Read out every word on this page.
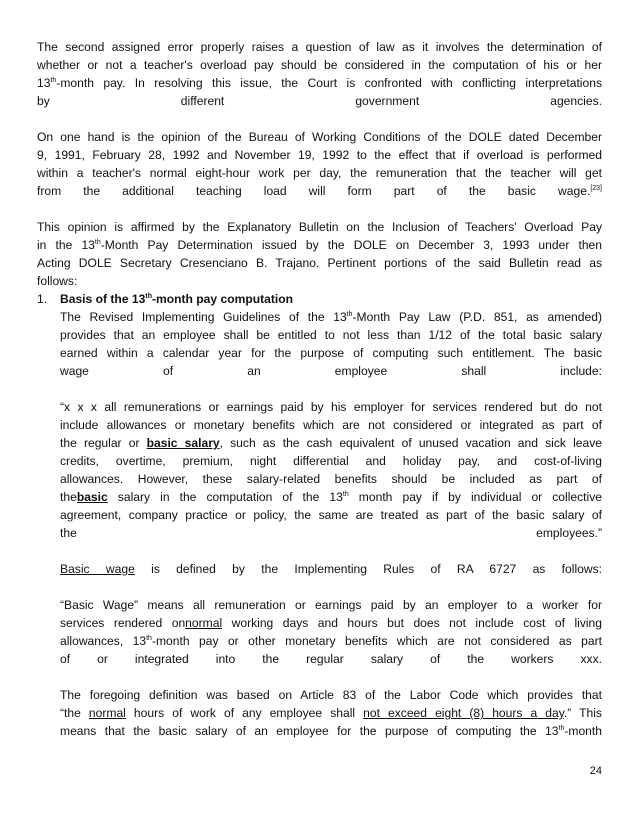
The second assigned error properly raises a question of law as it involves the determination of

whether or not a teacher's overload pay should be considered in the computation of his or her

13th-month pay. In resolving this issue, the Court is confronted with conflicting interpretations

by different government agencies.

On one hand is the opinion of the Bureau of Working Conditions of the DOLE dated December

9, 1991, February 28, 1992 and November 19, 1992 to the effect that if overload is performed

within a teacher's normal eight-hour work per day, the remuneration that the teacher will get

from the additional teaching load will form part of the basic wage.[23]

This opinion is affirmed by the Explanatory Bulletin on the Inclusion of Teachers' Overload Pay

in the 13th-Month Pay Determination issued by the DOLE on December 3, 1993 under then

Acting DOLE Secretary Cresenciano B. Trajano. Pertinent portions of the said Bulletin read as

follows:

1. Basis of the 13th-month pay computation

The Revised Implementing Guidelines of the 13th-Month Pay Law (P.D. 851, as amended)

provides that an employee shall be entitled to not less than 1/12 of the total basic salary

earned within a calendar year for the purpose of computing such entitlement. The basic

wage of an employee shall include:

“x x x all remunerations or earnings paid by his employer for services rendered but do not

include allowances or monetary benefits which are not considered or integrated as part of

the regular or basic salary, such as the cash equivalent of unused vacation and sick leave

credits, overtime, premium, night differential and holiday pay, and cost-of-living

allowances. However, these salary-related benefits should be included as part of

thebasic salary in the computation of the 13th month pay if by individual or collective

agreement, company practice or policy, the same are treated as part of the basic salary of

the employees.”

Basic wage is defined by the Implementing Rules of RA 6727 as follows:

“Basic Wage” means all remuneration or earnings paid by an employer to a worker for

services rendered onnormal working days and hours but does not include cost of living

allowances, 13th-month pay or other monetary benefits which are not considered as part

of or integrated into the regular salary of the workers xxx.

The foregoing definition was based on Article 83 of the Labor Code which provides that

“the normal hours of work of any employee shall not exceed eight (8) hours a day.” This

means that the basic salary of an employee for the purpose of computing the 13th-month

24
